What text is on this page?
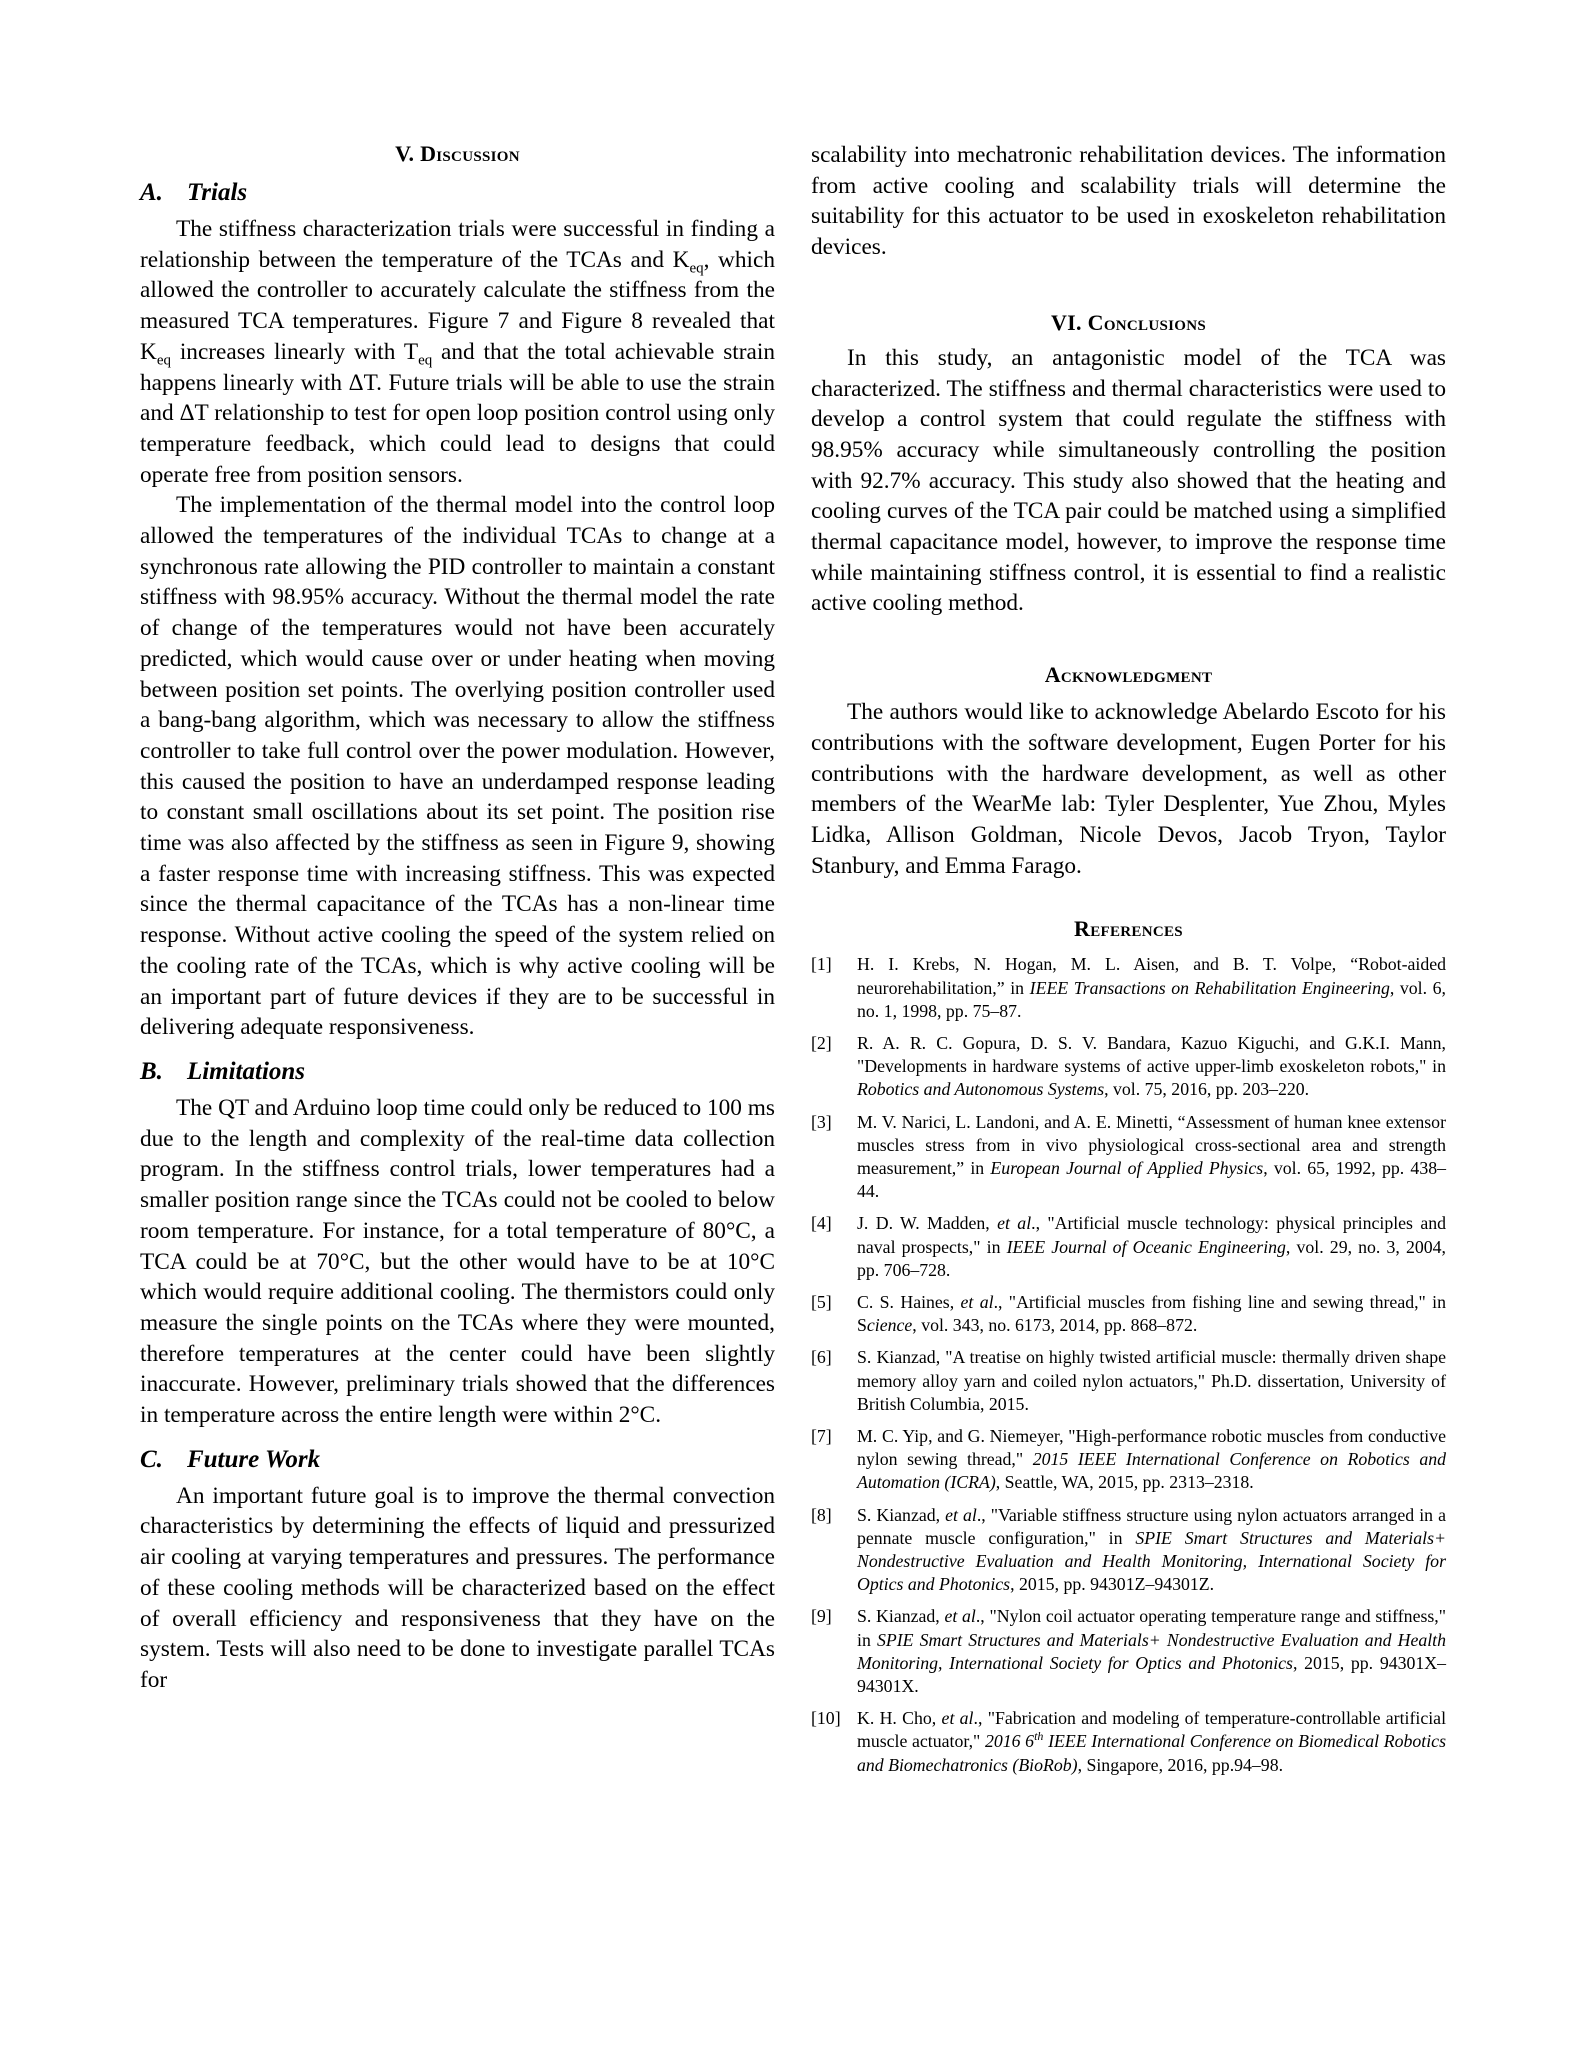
V. Discussion
A. Trials

The stiffness characterization trials were successful in finding a relationship between the temperature of the TCAs and $K_{eq}$, which allowed the controller to accurately calculate the stiffness from the measured TCA temperatures. Figure 7 and Figure 8 revealed that $K_{eq}$ increases linearly with $T_{eq}$ and that the total achievable strain happens linearly with ΔT. Future trials will be able to use the strain and ΔT relationship to test for open loop position control using only temperature feedback, which could lead to designs that could operate free from position sensors.

The implementation of the thermal model into the control loop allowed the temperatures of the individual TCAs to change at a synchronous rate allowing the PID controller to maintain a constant stiffness with 98.95% accuracy. Without the thermal model the rate of change of the temperatures would not have been accurately predicted, which would cause over or under heating when moving between position set points. The overlying position controller used a bang-bang algorithm, which was necessary to allow the stiffness controller to take full control over the power modulation. However, this caused the position to have an underdamped response leading to constant small oscillations about its set point. The position rise time was also affected by the stiffness as seen in Figure 9, showing a faster response time with increasing stiffness. This was expected since the thermal capacitance of the TCAs has a non-linear time response. Without active cooling the speed of the system relied on the cooling rate of the TCAs, which is why active cooling will be an important part of future devices if they are to be successful in delivering adequate responsiveness.

B. Limitations

The QT and Arduino loop time could only be reduced to 100 ms due to the length and complexity of the real-time data collection program. In the stiffness control trials, lower temperatures had a smaller position range since the TCAs could not be cooled to below room temperature. For instance, for a total temperature of 80°C, a TCA could be at 70°C, but the other would have to be at 10°C which would require additional cooling. The thermistors could only measure the single points on the TCAs where they were mounted, therefore temperatures at the center could have been slightly inaccurate. However, preliminary trials showed that the differences in temperature across the entire length were within 2°C.

C. Future Work

An important future goal is to improve the thermal convection characteristics by determining the effects of liquid and pressurized air cooling at varying temperatures and pressures. The performance of these cooling methods will be characterized based on the effect of overall efficiency and responsiveness that they have on the system. Tests will also need to be done to investigate parallel TCAs for

scalability into mechatronic rehabilitation devices. The information from active cooling and scalability trials will determine the suitability for this actuator to be used in exoskeleton rehabilitation devices.

VI. Conclusions

In this study, an antagonistic model of the TCA was characterized. The stiffness and thermal characteristics were used to develop a control system that could regulate the stiffness with 98.95% accuracy while simultaneously controlling the position with 92.7% accuracy. This study also showed that the heating and cooling curves of the TCA pair could be matched using a simplified thermal capacitance model, however, to improve the response time while maintaining stiffness control, it is essential to find a realistic active cooling method.

Acknowledgment

The authors would like to acknowledge Abelardo Escoto for his contributions with the software development, Eugen Porter for his contributions with the hardware development, as well as other members of the WearMe lab: Tyler Desplenter, Yue Zhou, Myles Lidka, Allison Goldman, Nicole Devos, Jacob Tryon, Taylor Stanbury, and Emma Farago.

References
[1]	H. I. Krebs, N. Hogan, M. L. Aisen, and B. T. Volpe, “Robot-aided neurorehabilitation,” in IEEE Transactions on Rehabilitation Engineering, vol. 6, no. 1, 1998, pp. 75–87.
[2]	R. A. R. C. Gopura, D. S. V. Bandara, Kazuo Kiguchi, and G.K.I. Mann, "Developments in hardware systems of active upper-limb exoskeleton robots," in Robotics and Autonomous Systems, vol. 75, 2016, pp. 203–220.
[3]	M. V. Narici, L. Landoni, and A. E. Minetti, “Assessment of human knee extensor muscles stress from in vivo physiological cross-sectional area and strength measurement,” in European Journal of Applied Physics, vol. 65, 1992, pp. 438–44.
[4]	J. D. W. Madden, et al., "Artificial muscle technology: physical principles and naval prospects," in IEEE Journal of Oceanic Engineering, vol. 29, no. 3, 2004, pp. 706–728.
[5]	C. S. Haines, et al., "Artificial muscles from fishing line and sewing thread," in Science, vol. 343, no. 6173, 2014, pp. 868–872.
[6]	S. Kianzad, "A treatise on highly twisted artificial muscle: thermally driven shape memory alloy yarn and coiled nylon actuators," Ph.D. dissertation, University of British Columbia, 2015.
[7]	M. C. Yip, and G. Niemeyer, "High-performance robotic muscles from conductive nylon sewing thread," 2015 IEEE International Conference on Robotics and Automation (ICRA), Seattle, WA, 2015, pp. 2313–2318.
[8]	S. Kianzad, et al., "Variable stiffness structure using nylon actuators arranged in a pennate muscle configuration," in SPIE Smart Structures and Materials+ Nondestructive Evaluation and Health Monitoring, International Society for Optics and Photonics, 2015, pp. 94301Z–94301Z.
[9]	S. Kianzad, et al., "Nylon coil actuator operating temperature range and stiffness," in SPIE Smart Structures and Materials+ Nondestructive Evaluation and Health Monitoring, International Society for Optics and Photonics, 2015, pp. 94301X–94301X.
[10] K. H. Cho, et al., "Fabrication and modeling of temperature-controllable artificial muscle actuator," 2016 6th IEEE International Conference on Biomedical Robotics and Biomechatronics (BioRob), Singapore, 2016, pp.94–98.
